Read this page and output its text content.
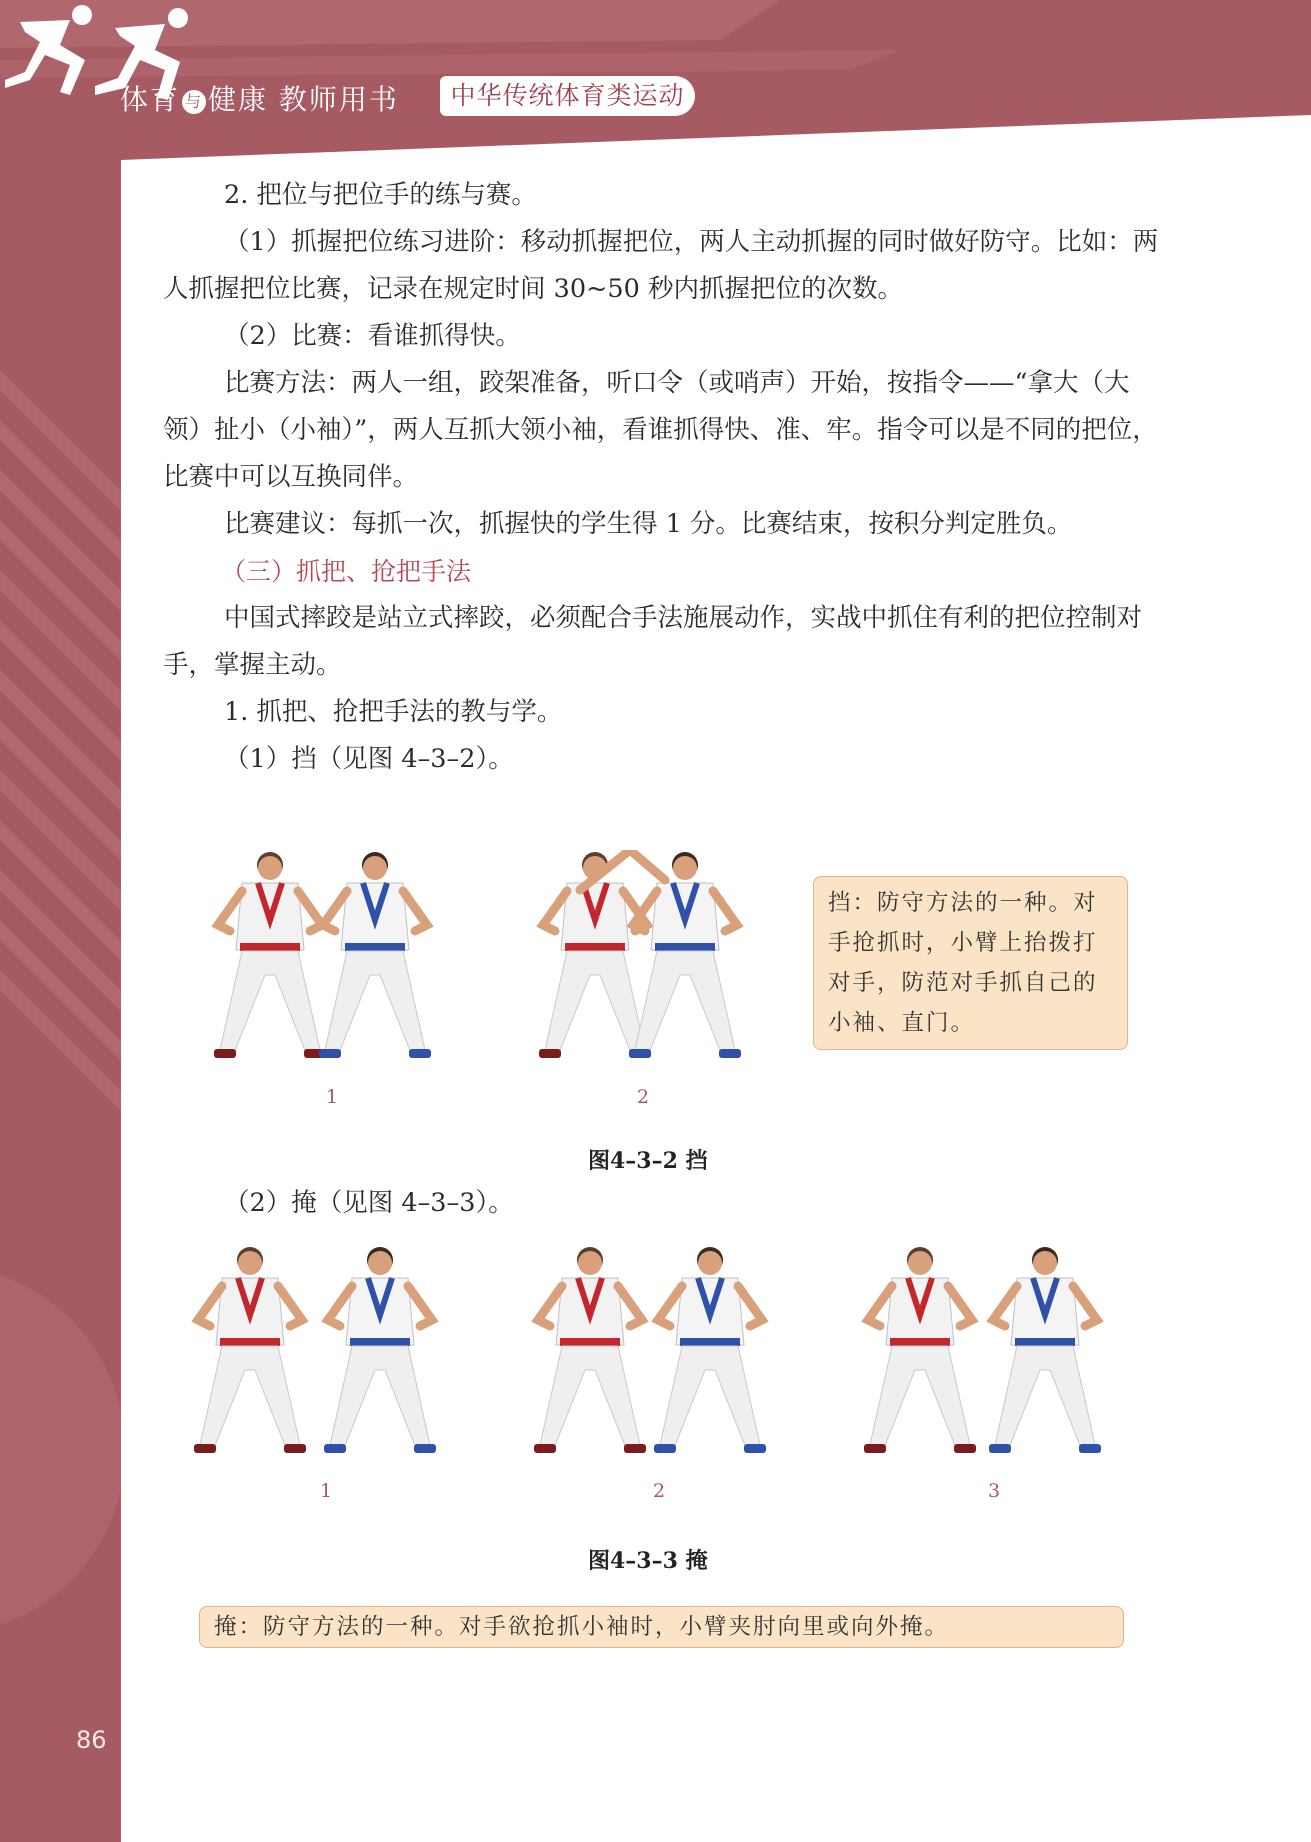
体育 与 健康 教师用书	中华传统体育类运动

2. 把位与把位手的练与赛。

（1）抓握把位练习进阶：移动抓握把位，两人主动抓握的同时做好防守。比如：两人抓握把位比赛，记录在规定时间 30~50 秒内抓握把位的次数。

（2）比赛：看谁抓得快。

比赛方法：两人一组，跤架准备，听口令（或哨声）开始，按指令——“拿大（大领）扯小（小袖）”，两人互抓大领小袖，看谁抓得快、准、牢。指令可以是不同的把位，比赛中可以互换同伴。

比赛建议：每抓一次，抓握快的学生得 1 分。比赛结束，按积分判定胜负。

（三）抓把、抢把手法

中国式摔跤是站立式摔跤，必须配合手法施展动作，实战中抓住有利的把位控制对手，掌握主动。

1. 抓把、抢把手法的教与学。

（1）挡（见图 4–3–2）。

1	2
挡：防守方法的一种。对手抢抓时，小臂上抬拨打对手，防范对手抓自己的小袖、直门。
图4–3–2 挡

（2）掩（见图 4–3–3）。

1	2	3
图4–3–3 掩
掩：防守方法的一种。对手欲抢抓小袖时，小臂夹肘向里或向外掩。
86
